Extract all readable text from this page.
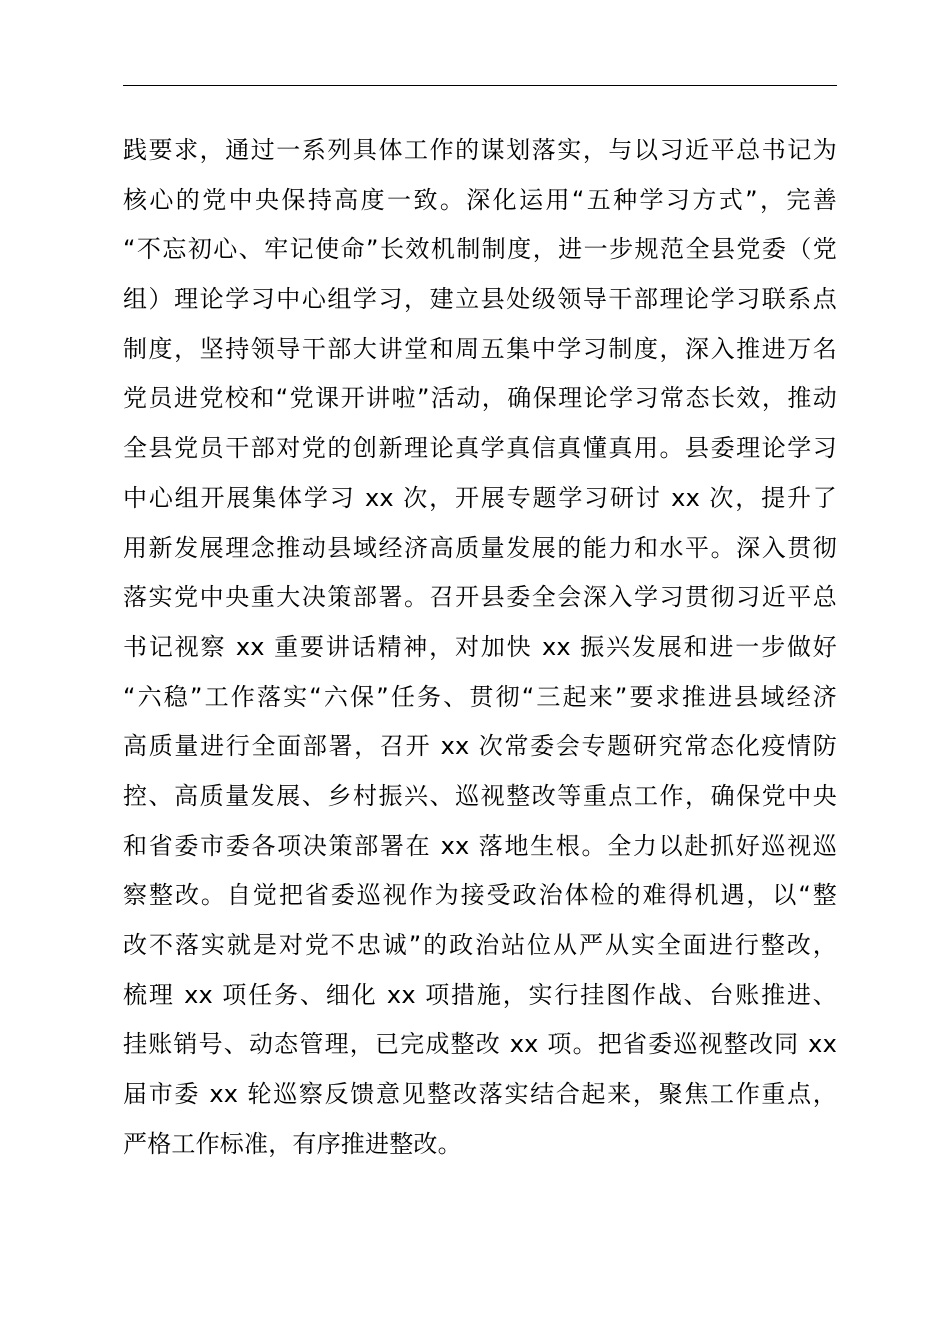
践要求，通过一系列具体工作的谋划落实，与以习近平总书记为
核心的党中央保持高度一致。深化运用“五种学习方式”，完善
“不忘初心、牢记使命”长效机制制度，进一步规范全县党委（党
组）理论学习中心组学习，建立县处级领导干部理论学习联系点
制度，坚持领导干部大讲堂和周五集中学习制度，深入推进万名
党员进党校和“党课开讲啦”活动，确保理论学习常态长效，推动
全县党员干部对党的创新理论真学真信真懂真用。县委理论学习
中心组开展集体学习 xx 次，开展专题学习研讨 xx 次，提升了
用新发展理念推动县域经济高质量发展的能力和水平。深入贯彻
落实党中央重大决策部署。召开县委全会深入学习贯彻习近平总
书记视察 xx 重要讲话精神，对加快 xx 振兴发展和进一步做好
“六稳”工作落实“六保”任务、贯彻“三起来”要求推进县域经济
高质量进行全面部署，召开 xx 次常委会专题研究常态化疫情防
控、高质量发展、乡村振兴、巡视整改等重点工作，确保党中央
和省委市委各项决策部署在 xx 落地生根。全力以赴抓好巡视巡
察整改。自觉把省委巡视作为接受政治体检的难得机遇，以“整
改不落实就是对党不忠诚”的政治站位从严从实全面进行整改，
梳理 xx 项任务、细化 xx 项措施，实行挂图作战、台账推进、
挂账销号、动态管理，已完成整改 xx 项。把省委巡视整改同 xx
届市委 xx 轮巡察反馈意见整改落实结合起来，聚焦工作重点，
严格工作标准，有序推进整改。
